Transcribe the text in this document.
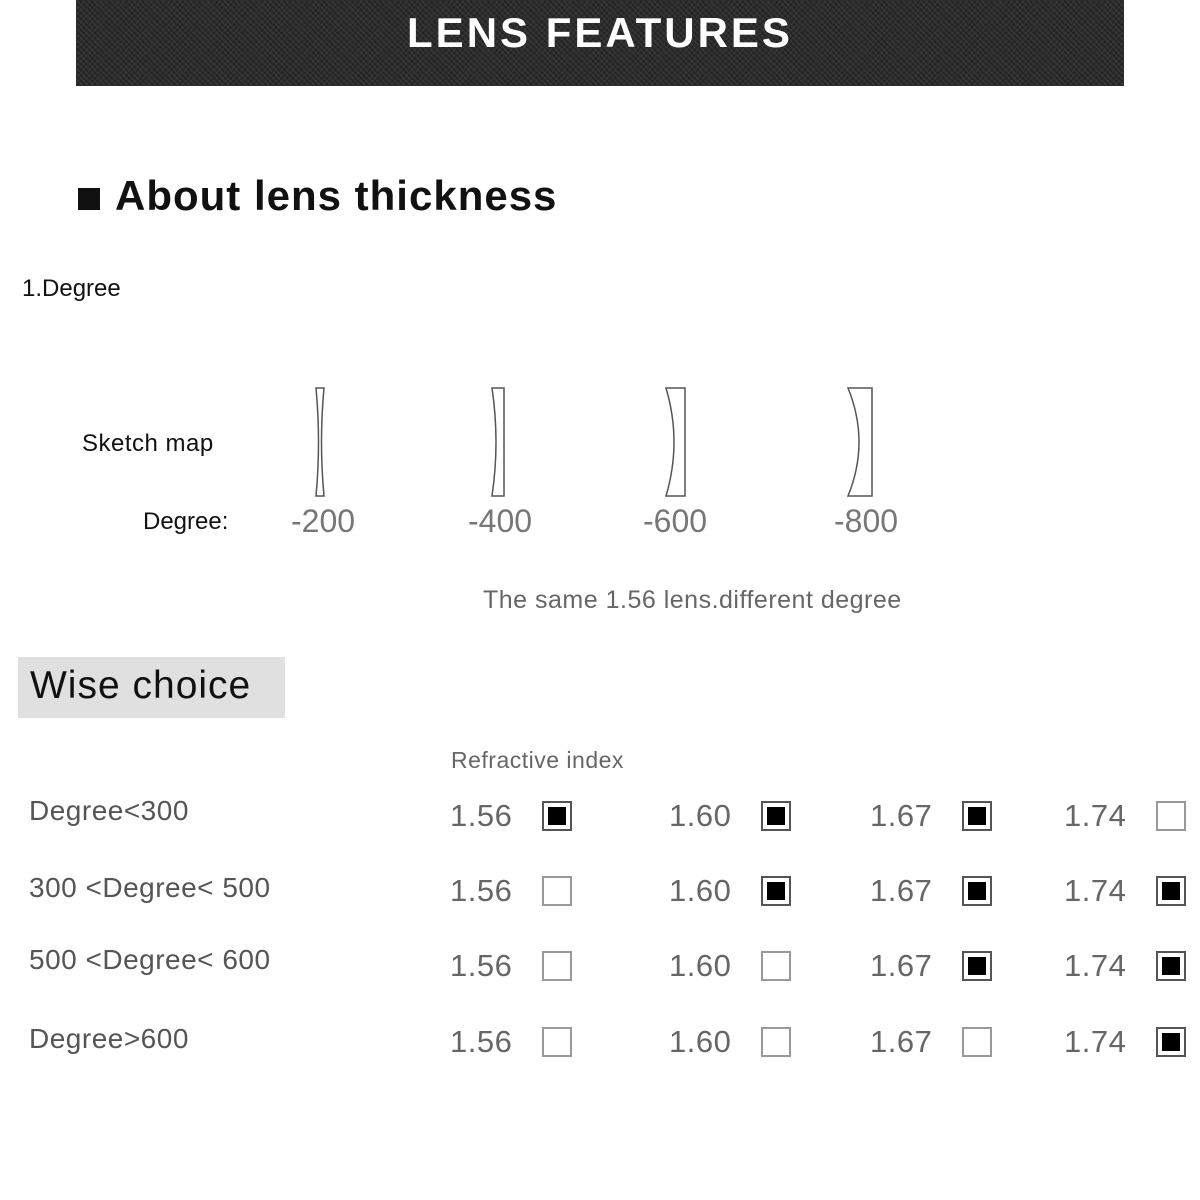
LENS FEATURES
About lens thickness
1.Degree
Sketch map
Degree: -200	-400	-600	-800
The same 1.56 lens.different degree
Wise choice
Refractive index
Degree<300	1.56	1.60	1.67	1.74
300 <Degree< 500	1.56	1.60	1.67	1.74
500 <Degree< 600	1.56	1.60	1.67	1.74
Degree>600	1.56	1.60	1.67	1.74
